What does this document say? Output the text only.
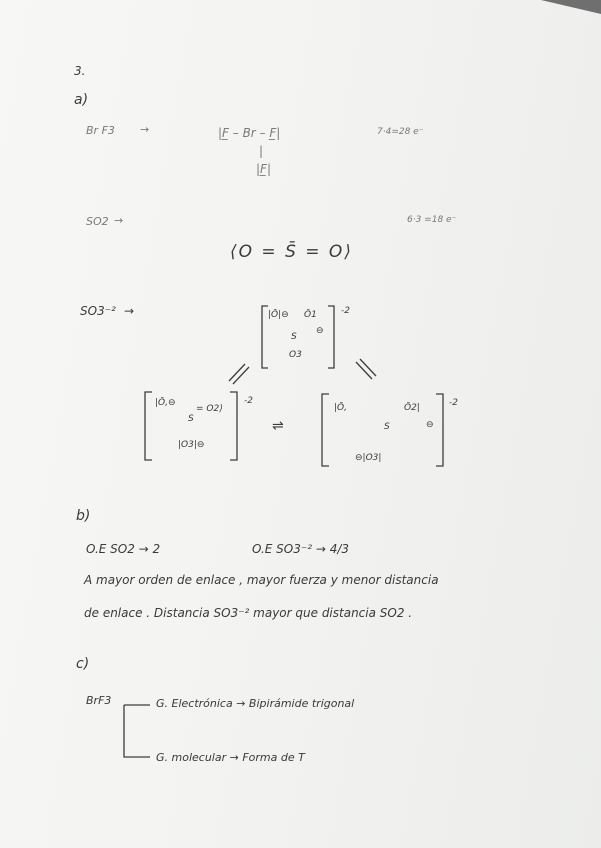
3.
a)
Br F3 →	|F̲ – Br – F̲|
|
|F̲|
7·4=28 e⁻
SO2 →	6·3 =18 e⁻
⟨O = S̄ = O⟩
SO3⁻² →	|Ō|⊖ Ō1
⊖
S
O3
-2
|Ō,⊖
= O2⟩
S
|O3|⊖
-2
⇌
|Ō,	Ō2|
⊖
S
⊖|O3|
-2
b)
O.E SO2 → 2	O.E SO3⁻² → 4/3
A mayor orden de enlace , mayor fuerza y menor distancia
de enlace . Distancia SO3⁻² mayor que distancia SO2 .
c)
BrF3	G. Electrónica → Bipirámide trigonal
G. molecular → Forma de T
